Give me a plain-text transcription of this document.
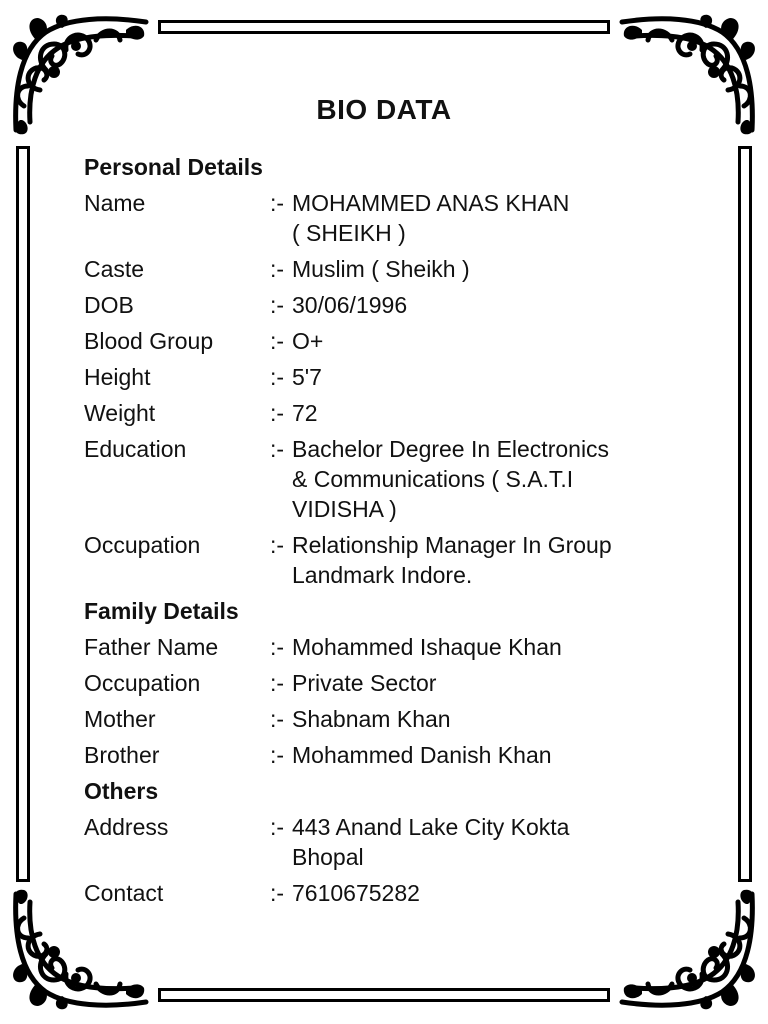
BIO DATA
Personal Details
Name	:- MOHAMMED ANAS KHAN
( SHEIKH )
Caste	:- Muslim ( Sheikh )
DOB	:- 30/06/1996
Blood Group	:- O+
Height	:- 5'7
Weight	:- 72
Education	:- Bachelor Degree In Electronics
& Communications ( S.A.T.I
VIDISHA )
Occupation	:- Relationship Manager In Group
Landmark Indore.
Family Details
Father Name	:- Mohammed Ishaque Khan
Occupation	:- Private Sector
Mother	:- Shabnam Khan
Brother	:- Mohammed Danish Khan
Others
Address	:- 443 Anand Lake City Kokta
Bhopal
Contact	:- 7610675282
